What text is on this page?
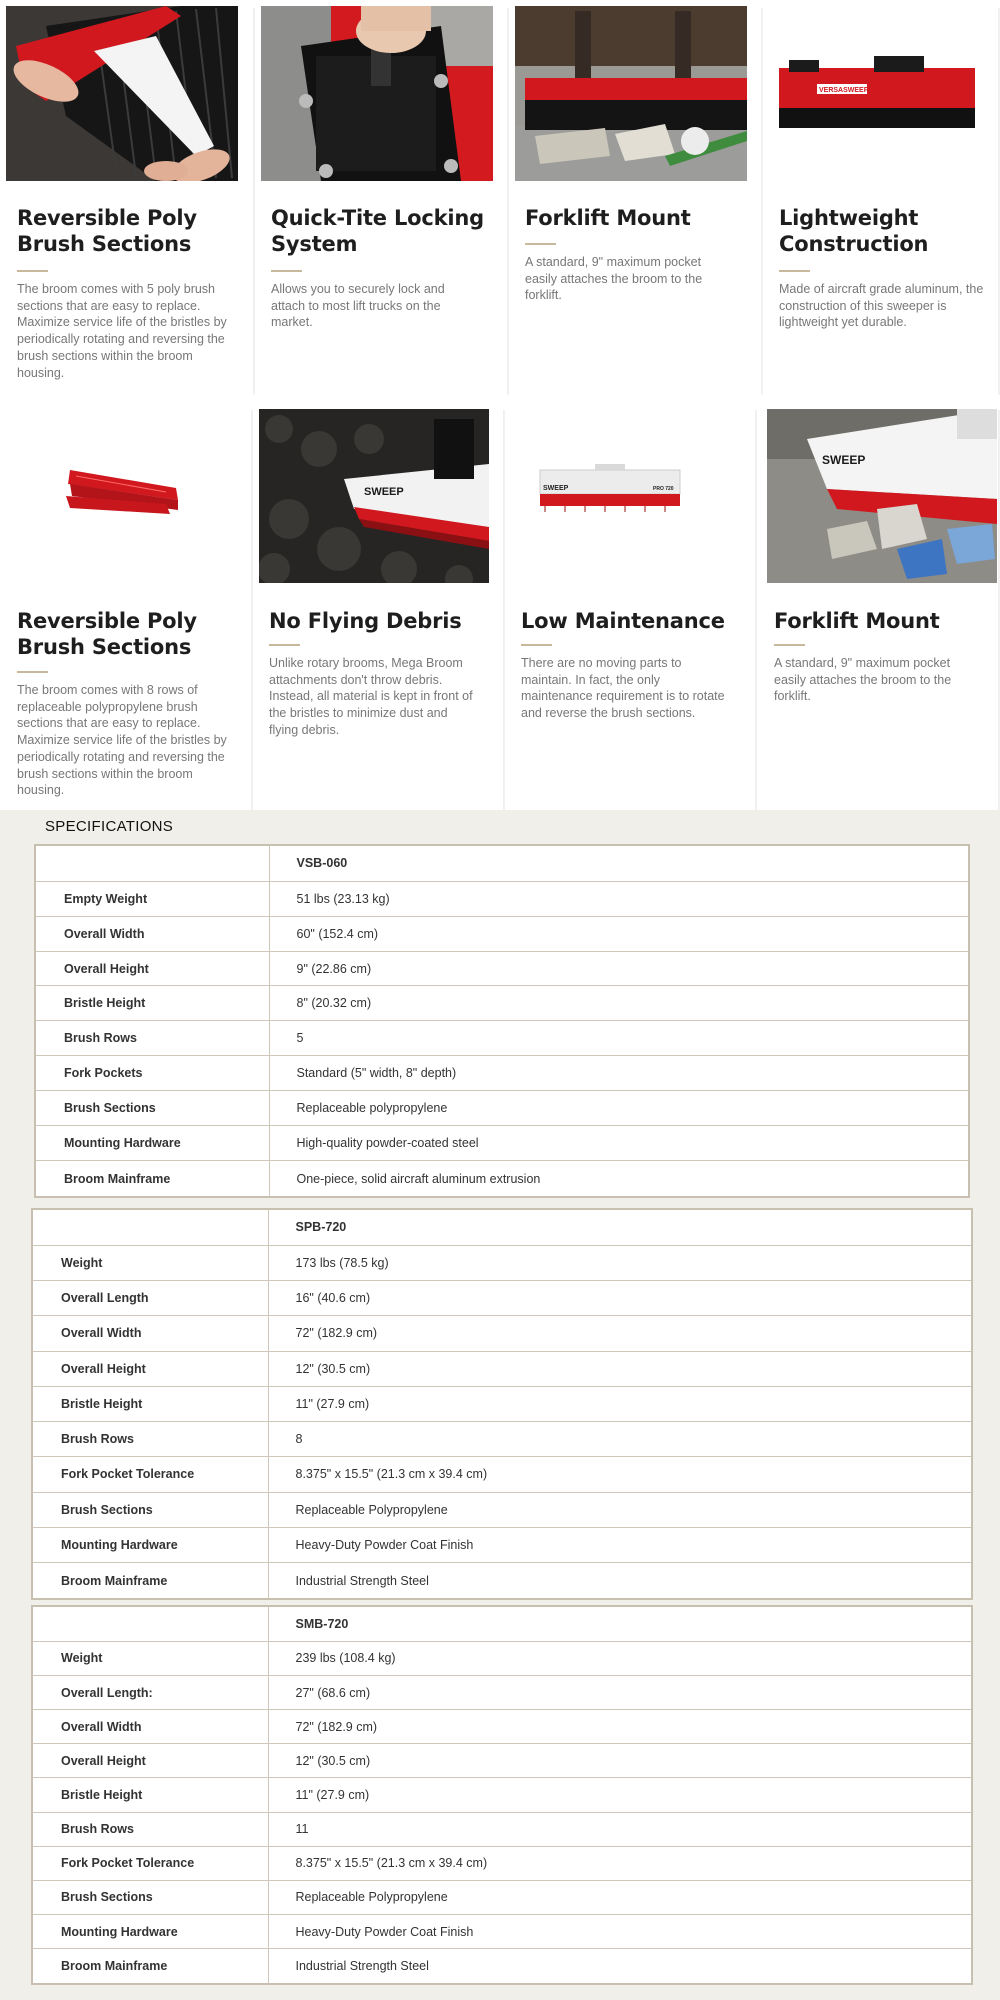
Reversible Poly Brush Sections
The broom comes with 5 poly brush sections that are easy to replace. Maximize service life of the bristles by periodically rotating and reversing the brush sections within the broom housing.
Quick-Tite Locking System
Allows you to securely lock and attach to most lift trucks on the market.
Forklift Mount
A standard, 9" maximum pocket easily attaches the broom to the forklift.
VERSASWEEP
Lightweight Construction
Made of aircraft grade aluminum, the construction of this sweeper is lightweight yet durable.
Reversible Poly Brush Sections
The broom comes with 8 rows of replaceable polypropylene brush sections that are easy to replace. Maximize service life of the bristles by periodically rotating and reversing the brush sections within the broom housing.
SWEEP
No Flying Debris
Unlike rotary brooms, Mega Broom attachments don't throw debris. Instead, all material is kept in front of the bristles to minimize dust and flying debris.
SWEEP	PRO 720
Low Maintenance
There are no moving parts to maintain. In fact, the only maintenance requirement is to rotate and reverse the brush sections.
SWEEP
Forklift Mount
A standard, 9" maximum pocket easily attaches the broom to the forklift.
SPECIFICATIONS
	VSB-060
Empty Weight	51 lbs (23.13 kg)
Overall Width	60" (152.4 cm)
Overall Height	9" (22.86 cm)
Bristle Height	8" (20.32 cm)
Brush Rows	5
Fork Pockets	Standard (5" width, 8" depth)
Brush Sections	Replaceable polypropylene
Mounting Hardware	High-quality powder-coated steel
Broom Mainframe	One-piece, solid aircraft aluminum extrusion
	SPB-720
Weight	173 lbs (78.5 kg)
Overall Length	16" (40.6 cm)
Overall Width	72" (182.9 cm)
Overall Height	12" (30.5 cm)
Bristle Height	11" (27.9 cm)
Brush Rows	8
Fork Pocket Tolerance	8.375" x 15.5" (21.3 cm x 39.4 cm)
Brush Sections	Replaceable Polypropylene
Mounting Hardware	Heavy-Duty Powder Coat Finish
Broom Mainframe	Industrial Strength Steel
	SMB-720
Weight	239 lbs (108.4 kg)
Overall Length:	27" (68.6 cm)
Overall Width	72" (182.9 cm)
Overall Height	12" (30.5 cm)
Bristle Height	11" (27.9 cm)
Brush Rows	11
Fork Pocket Tolerance	8.375" x 15.5" (21.3 cm x 39.4 cm)
Brush Sections	Replaceable Polypropylene
Mounting Hardware	Heavy-Duty Powder Coat Finish
Broom Mainframe	Industrial Strength Steel
